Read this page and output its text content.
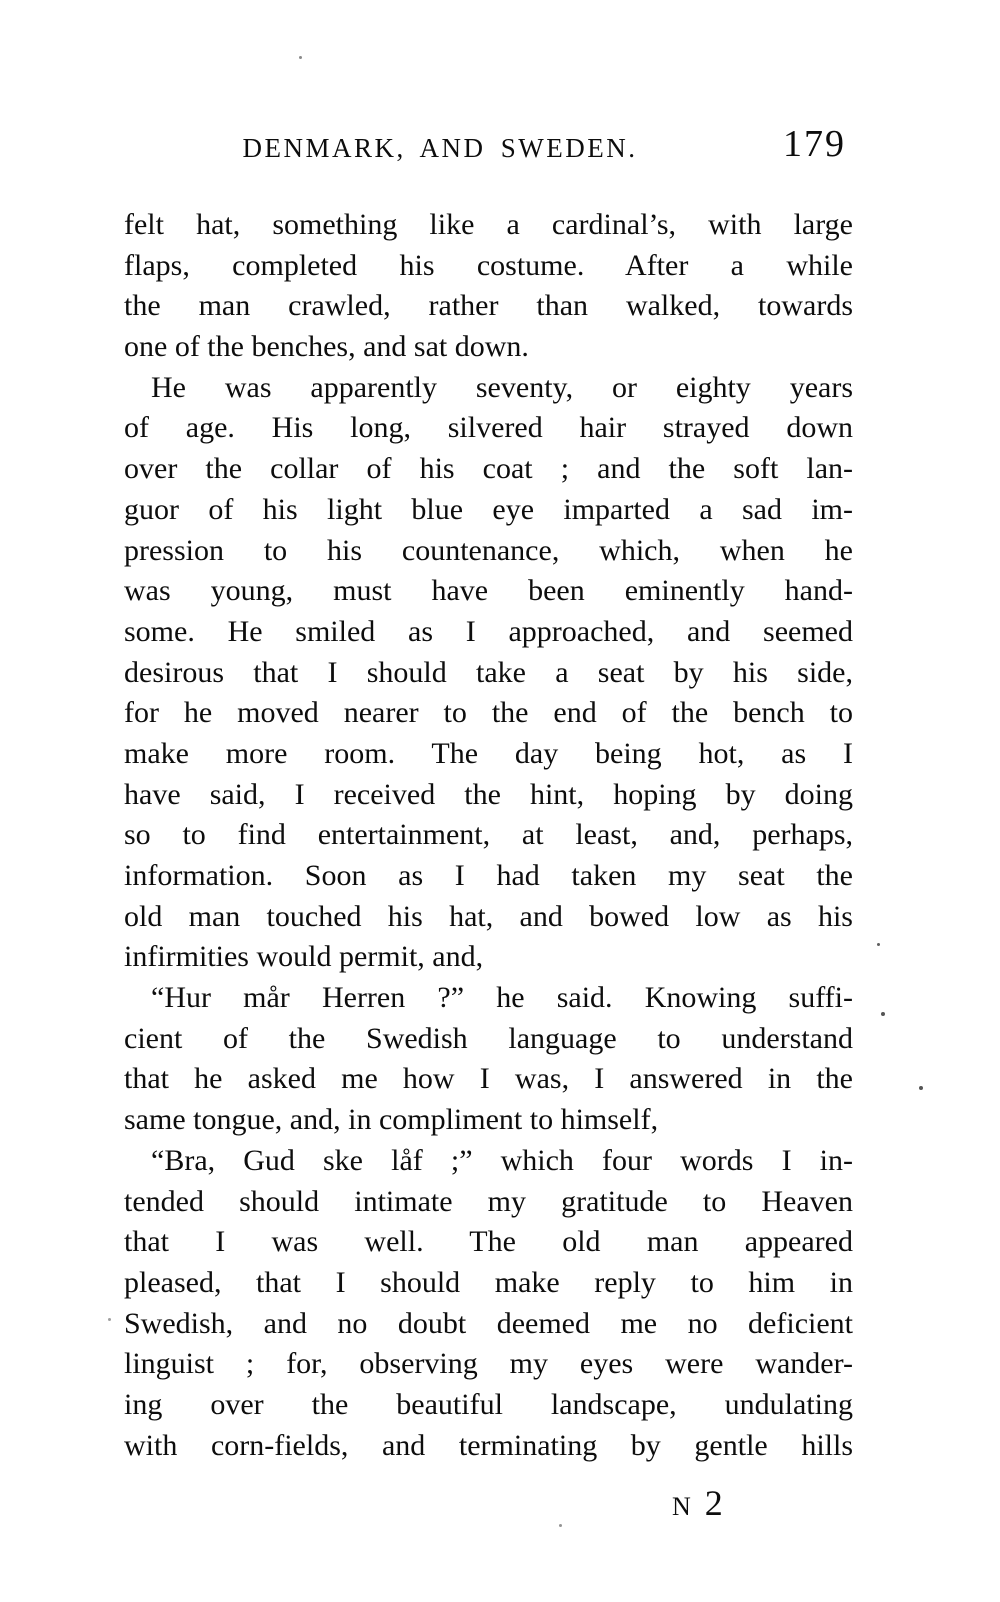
DENMARK, AND SWEDEN.	179
felt hat, something like a cardinal’s, with large
flaps, completed his costume. After a while
the man crawled, rather than walked, towards
one of the benches, and sat down.
He was apparently seventy, or eighty years
of age. His long, silvered hair strayed down
over the collar of his coat ; and the soft lan-
guor of his light blue eye imparted a sad im-
pression to his countenance, which, when he
was young, must have been eminently hand-
some. He smiled as I approached, and seemed
desirous that I should take a seat by his side,
for he moved nearer to the end of the bench to
make more room. The day being hot, as I
have said, I received the hint, hoping by doing
so to find entertainment, at least, and, perhaps,
information. Soon as I had taken my seat the
old man touched his hat, and bowed low as his
infirmities would permit, and,
“Hur mår Herren ?” he said. Knowing suffi-
cient of the Swedish language to understand
that he asked me how I was, I answered in the
same tongue, and, in compliment to himself,
“Bra, Gud ske låf ;” which four words I in-
tended should intimate my gratitude to Heaven
that I was well. The old man appeared
pleased, that I should make reply to him in
Swedish, and no doubt deemed me no deficient
linguist ; for, observing my eyes were wander-
ing over the beautiful landscape, undulating
with corn-fields, and terminating by gentle hills
N 2
